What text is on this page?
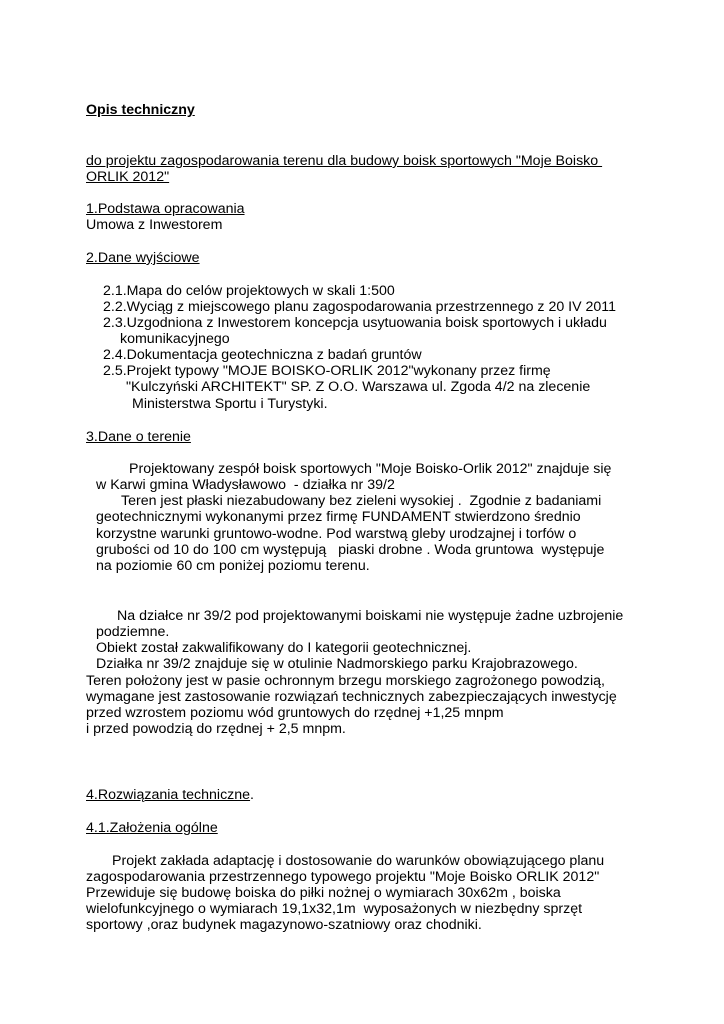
Opis techniczny

do projektu zagospodarowania terenu dla budowy boisk sportowych "Moje Boisko

ORLIK 2012"

1.Podstawa opracowania

Umowa z Inwestorem

2.Dane wyjściowe

2.1.Mapa do celów projektowych w skali 1:500

2.2.Wyciąg z miejscowego planu zagospodarowania przestrzennego z 20 IV 2011

2.3.Uzgodniona z Inwestorem koncepcja usytuowania boisk sportowych i układu

komunikacyjnego

2.4.Dokumentacja geotechniczna z badań gruntów

2.5.Projekt typowy "MOJE BOISKO-ORLIK 2012"wykonany przez firmę

"Kulczyński ARCHITEKT" SP. Z O.O. Warszawa ul. Zgoda 4/2 na zlecenie

Ministerstwa Sportu i Turystyki.

3.Dane o terenie

Projektowany zespół boisk sportowych "Moje Boisko-Orlik 2012" znajduje się

w Karwi gmina Władysławowo  - działka nr 39/2

Teren jest płaski niezabudowany bez zieleni wysokiej .  Zgodnie z badaniami

geotechnicznymi wykonanymi przez firmę FUNDAMENT stwierdzono średnio

korzystne warunki gruntowo-wodne. Pod warstwą gleby urodzajnej i torfów o

grubości od 10 do 100 cm występują   piaski drobne . Woda gruntowa  występuje

na poziomie 60 cm poniżej poziomu terenu.

Na działce nr 39/2 pod projektowanymi boiskami nie występuje żadne uzbrojenie

podziemne.

Obiekt został zakwalifikowany do I kategorii geotechnicznej.

Działka nr 39/2 znajduje się w otulinie Nadmorskiego parku Krajobrazowego.

Teren położony jest w pasie ochronnym brzegu morskiego zagrożonego powodzią,

wymagane jest zastosowanie rozwiązań technicznych zabezpieczających inwestycję

przed wzrostem poziomu wód gruntowych do rzędnej +1,25 mnpm

i przed powodzią do rzędnej + 2,5 mnpm.

4.Rozwiązania techniczne.

4.1.Założenia ogólne

Projekt zakłada adaptację i dostosowanie do warunków obowiązującego planu

zagospodarowania przestrzennego typowego projektu "Moje Boisko ORLIK 2012"

Przewiduje się budowę boiska do piłki nożnej o wymiarach 30x62m , boiska

wielofunkcyjnego o wymiarach 19,1x32,1m  wyposażonych w niezbędny sprzęt

sportowy ,oraz budynek magazynowo-szatniowy oraz chodniki.
